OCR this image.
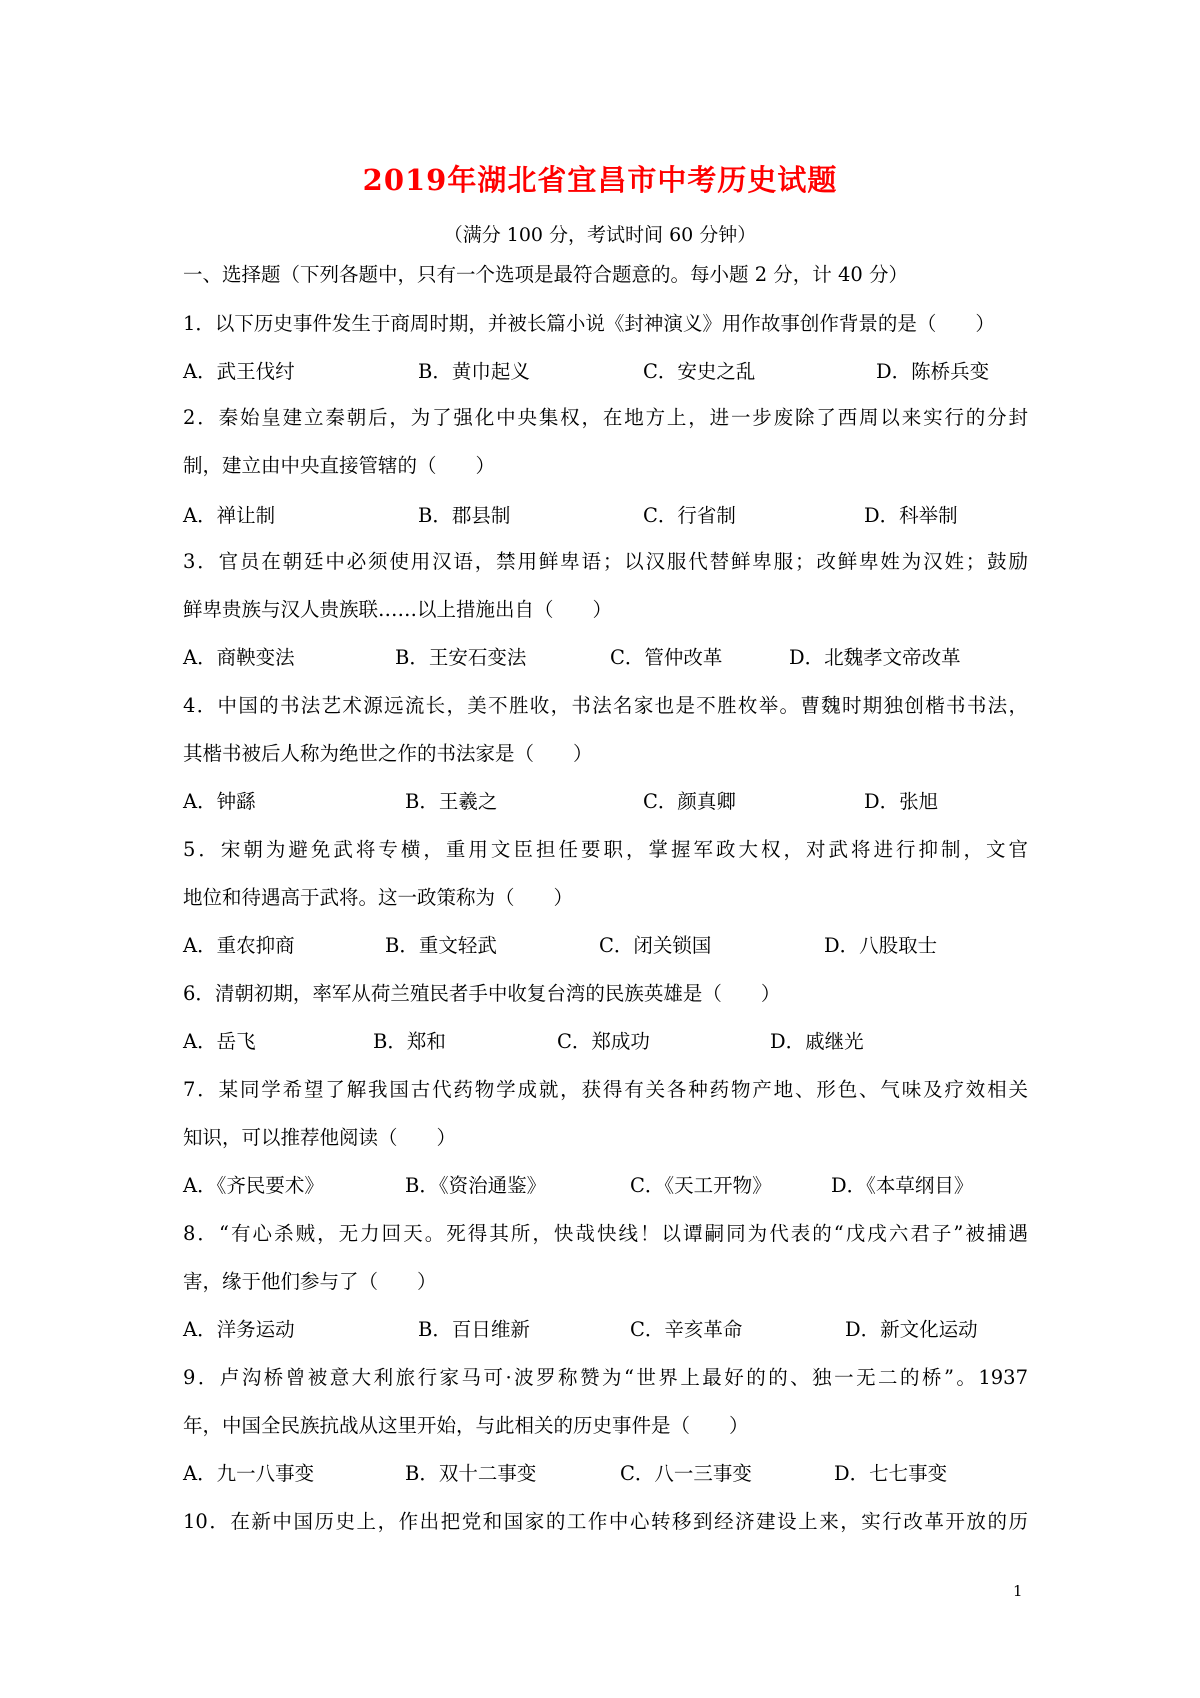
2019年湖北省宜昌市中考历史试题
（满分 100 分，考试时间 60 分钟）
一、选择题（下列各题中，只有一个选项是最符合题意的。每小题 2 分，计 40 分）
1．以下历史事件发生于商周时期，并被长篇小说《封神演义》用作故事创作背景的是（　　）
A．武王伐纣	B．黄巾起义	C．安史之乱	D．陈桥兵变
2．秦始皇建立秦朝后，为了强化中央集权，在地方上，进一步废除了西周以来实行的分封
制，建立由中央直接管辖的（　　）
A．禅让制	B．郡县制	C．行省制	D．科举制
3．官员在朝廷中必须使用汉语，禁用鲜卑语；以汉服代替鲜卑服；改鲜卑姓为汉姓；鼓励
鲜卑贵族与汉人贵族联……以上措施出自（　　）
A．商鞅变法	B．王安石变法	C．管仲改革	D．北魏孝文帝改革
4．中国的书法艺术源远流长，美不胜收，书法名家也是不胜枚举。曹魏时期独创楷书书法，
其楷书被后人称为绝世之作的书法家是（　　）
A．钟繇	B．王羲之	C．颜真卿	D．张旭
5．宋朝为避免武将专横，重用文臣担任要职，掌握军政大权，对武将进行抑制，文官
地位和待遇高于武将。这一政策称为（　　）
A．重农抑商	B．重文轻武	C．闭关锁国	D．八股取士
6．清朝初期，率军从荷兰殖民者手中收复台湾的民族英雄是（　　）
A．岳飞	B．郑和	C．郑成功	D．戚继光
7．某同学希望了解我国古代药物学成就，获得有关各种药物产地、形色、气味及疗效相关
知识，可以推荐他阅读（　　）
A．《齐民要术》	B．《资治通鉴》	C．《天工开物》	D．《本草纲目》
8．“有心杀贼，无力回天。死得其所，快哉快线！以谭嗣同为代表的“戊戌六君子”被捕遇
害，缘于他们参与了（　　）
A．洋务运动	B．百日维新	C．辛亥革命	D．新文化运动
9．卢沟桥曾被意大利旅行家马可·波罗称赞为“世界上最好的的、独一无二的桥”。1937
年，中国全民族抗战从这里开始，与此相关的历史事件是（　　）
A．九一八事变	B．双十二事变	C．八一三事变	D．七七事变
10．在新中国历史上，作出把党和国家的工作中心转移到经济建设上来，实行改革开放的历
1
